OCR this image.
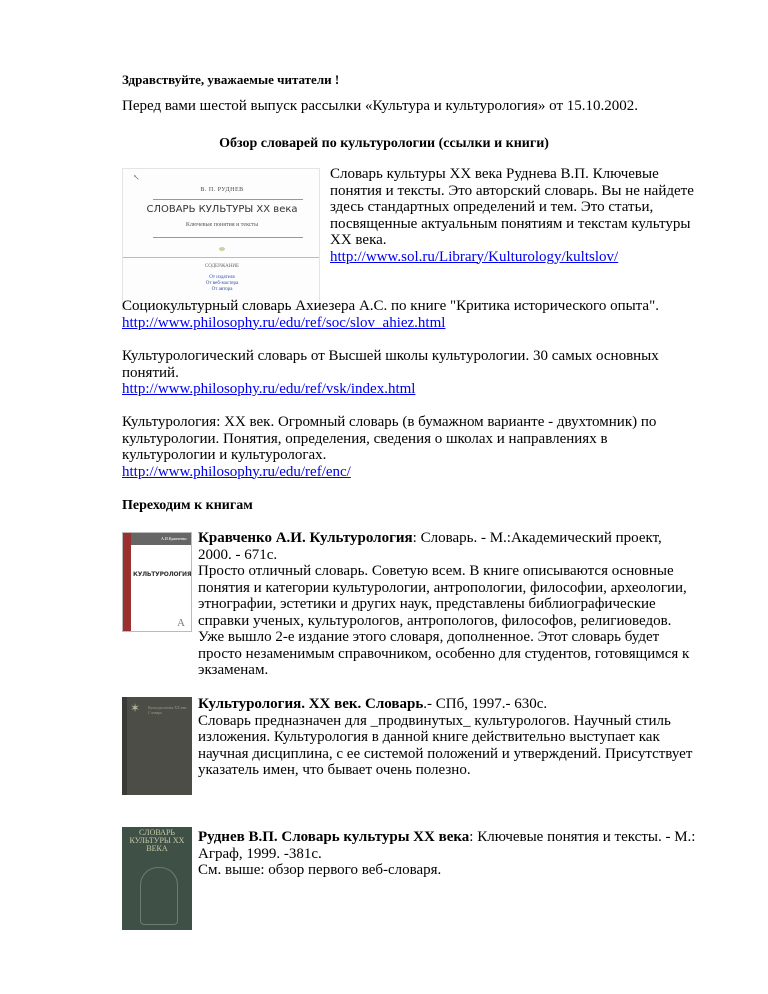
Здравствуйте, уважаемые читатели !
Перед вами шестой выпуск рассылки «Культура и культурология» от 15.10.2002.
Обзор словарей по культурологии (ссылки и книги)
↖
В. П. РУДНЕВ
СЛОВАРЬ КУЛЬТУРЫ XX века
Ключевые понятия и тексты
СОДЕРЖАНИЕ
От издателя
От веб-мастера
От автора
Словарь культуры XX века Руднева В.П. Ключевые понятия и тексты. Это авторский словарь. Вы не найдете здесь стандартных определений и тем. Это статьи, посвященные актуальным понятиям и текстам культуры XX века.
http://www.sol.ru/Library/Kulturology/kultslov/
Социокультурный словарь Ахиезера А.С. по книге "Критика исторического опыта".
http://www.philosophy.ru/edu/ref/soc/slov_ahiez.html
Культурологический словарь от Высшей школы культурологии. 30 самых основных понятий.
http://www.philosophy.ru/edu/ref/vsk/index.html
Культурология: XX век. Огромный словарь (в бумажном варианте - двухтомник) по культурологии. Понятия, определения, сведения о школах и направлениях в культурологии и культурологах.
http://www.philosophy.ru/edu/ref/enc/
Переходим к книгам
А.И.Кравченко
КУЛЬТУРОЛОГИЯ
A
Кравченко А.И. Культурология: Словарь. - М.:Академический проект, 2000. - 671с.
Просто отличный словарь. Советую всем. В книге описываются основные понятия и категории культурологии, антропологии, философии, археологии, этнографии, эстетики и других наук, представлены библиографические справки ученых, культурологов, антропологов, философов, религиоведов. Уже вышло 2-е издание этого словаря, дополненное. Этот словарь будет просто незаменимым справочником, особенно для студентов, готовящимся к экзаменам.
✶	Культурология XX век Словарь
Культурология. XX век. Словарь.- СПб, 1997.- 630с.
Словарь предназначен для _продвинутых_ культурологов. Научный стиль изложения. Культурология в данной книге действительно выступает как научная дисциплина, с ее системой положений и утверждений. Присутствует указатель имен, что бывает очень полезно.
СЛОВАРЬ КУЛЬТУРЫ XX ВЕКА
Руднев В.П. Словарь культуры XX века: Ключевые понятия и тексты. - М.: Аграф, 1999. -381с.
См. выше: обзор первого веб-словаря.
